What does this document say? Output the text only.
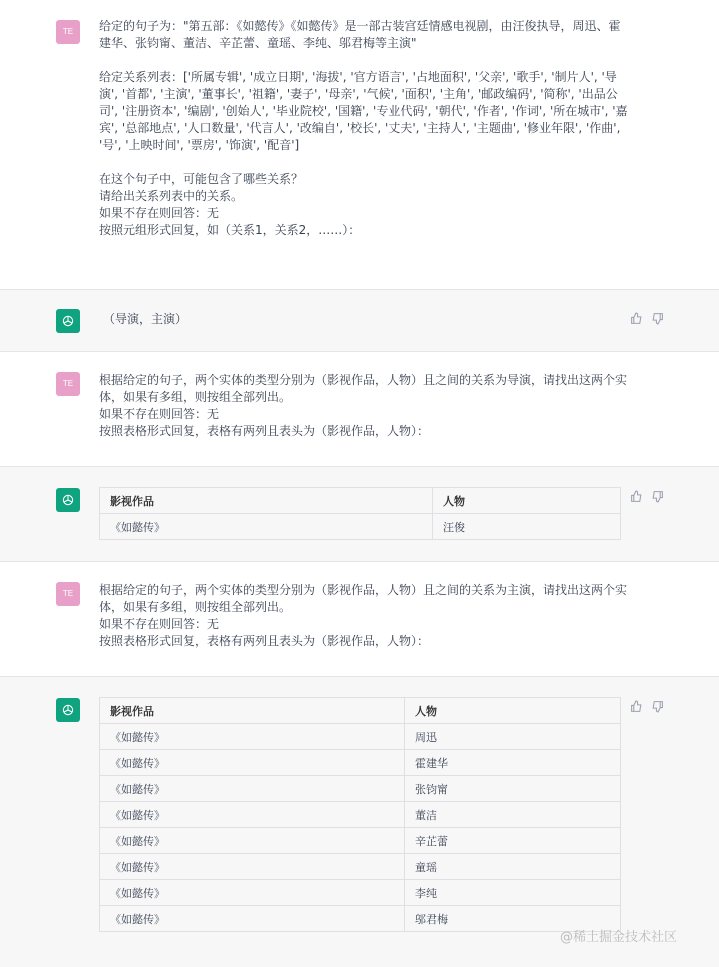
TE	给定的句子为："第五部：《如懿传》《如懿传》是一部古装宫廷情感电视剧，由汪俊执导，周迅、霍建华、张钧甯、董洁、辛芷蕾、童瑶、李纯、邬君梅等主演"
给定关系列表：['所属专辑', '成立日期', '海拔', '官方语言', '占地面积', '父亲', '歌手', '制片人', '导演', '首都', '主演', '董事长', '祖籍', '妻子', '母亲', '气候', '面积', '主角', '邮政编码', '简称', '出品公司', '注册资本', '编剧', '创始人', '毕业院校', '国籍', '专业代码', '朝代', '作者', '作词', '所在城市', '嘉宾', '总部地点', '人口数量', '代言人', '改编自', '校长', '丈夫', '主持人', '主题曲', '修业年限', '作曲', '号', '上映时间', '票房', '饰演', '配音']
在这个句子中，可能包含了哪些关系？
请给出关系列表中的关系。
如果不存在则回答：无
按照元组形式回复，如（关系1，关系2，……）：
（导演，主演）
TE	根据给定的句子，两个实体的类型分别为（影视作品，人物）且之间的关系为导演，请找出这两个实体，如果有多组，则按组全部列出。
如果不存在则回答：无
按照表格形式回复，表格有两列且表头为（影视作品，人物）：
影视作品	人物
《如懿传》	汪俊
TE	根据给定的句子，两个实体的类型分别为（影视作品，人物）且之间的关系为主演，请找出这两个实体，如果有多组，则按组全部列出。
如果不存在则回答：无
按照表格形式回复，表格有两列且表头为（影视作品，人物）：
影视作品	人物
《如懿传》	周迅
《如懿传》	霍建华
《如懿传》	张钧甯
《如懿传》	董洁
《如懿传》	辛芷蕾
《如懿传》	童瑶
《如懿传》	李纯
《如懿传》	邬君梅
@稀土掘金技术社区
